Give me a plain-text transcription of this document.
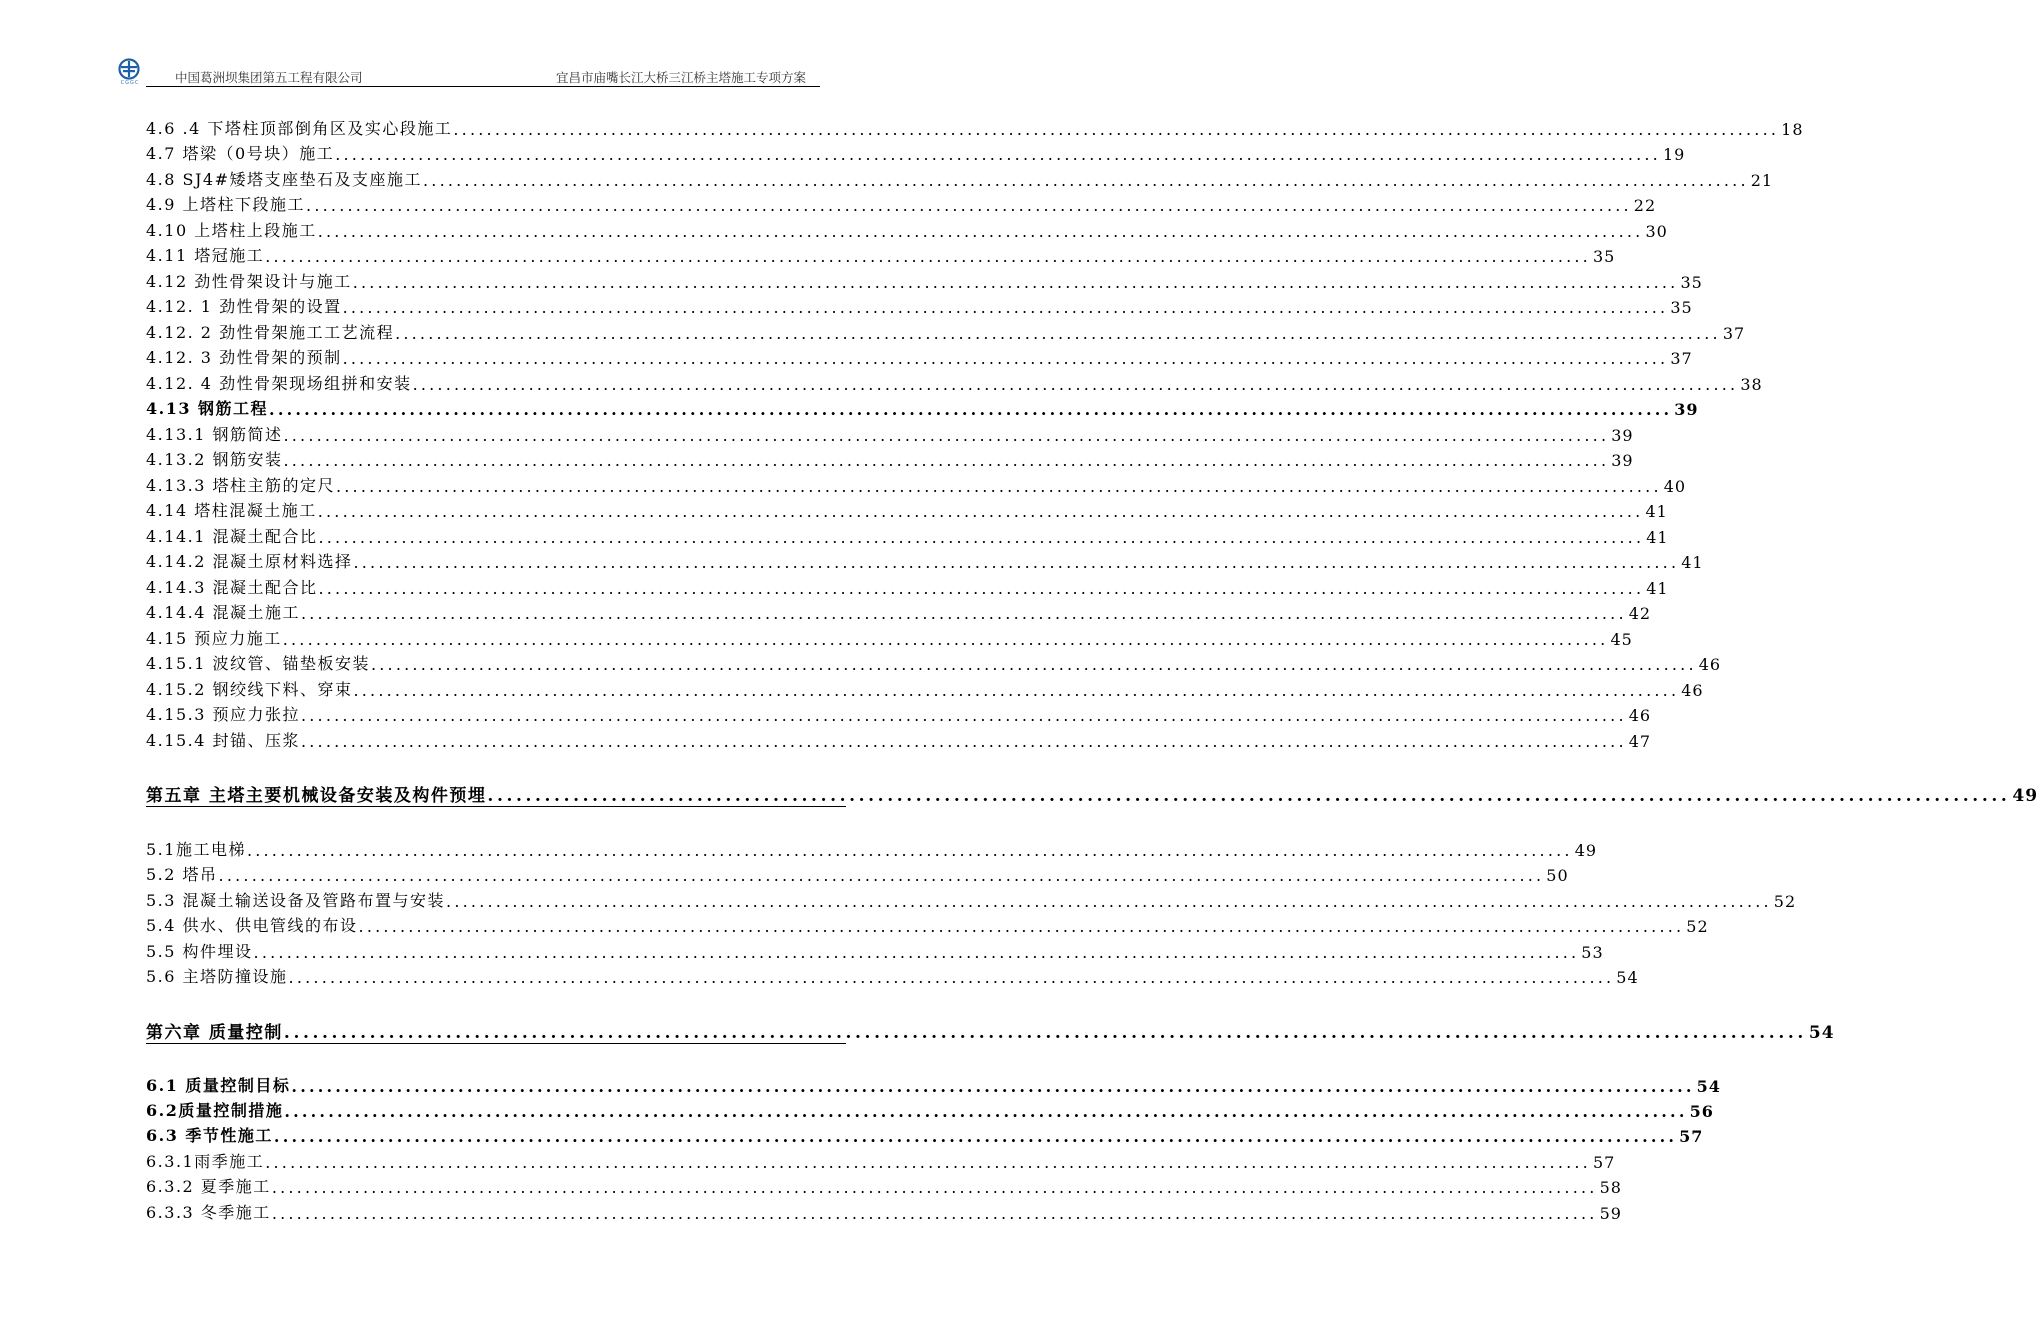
CGGC	中国葛洲坝集团第五工程有限公司	宜昌市庙嘴长江大桥三江桥主塔施工专项方案
4.6 .4 下塔柱顶部倒角区及实心段施工 ................................................................................................................................................................ 18
4.7 塔梁（0号块）施工 ................................................................................................................................................................ 19
4.8 SJ4#矮塔支座垫石及支座施工 ................................................................................................................................................................ 21
4.9 上塔柱下段施工 ................................................................................................................................................................ 22
4.10 上塔柱上段施工 ................................................................................................................................................................ 30
4.11 塔冠施工 ................................................................................................................................................................ 35
4.12 劲性骨架设计与施工 ................................................................................................................................................................ 35
4.12. 1 劲性骨架的设置 ................................................................................................................................................................ 35
4.12. 2 劲性骨架施工工艺流程 ................................................................................................................................................................ 37
4.12. 3 劲性骨架的预制 ................................................................................................................................................................ 37
4.12. 4 劲性骨架现场组拼和安装 ................................................................................................................................................................ 38
4.13 钢筋工程 ................................................................................................................................................................ 39
4.13.1 钢筋简述 ................................................................................................................................................................ 39
4.13.2 钢筋安装 ................................................................................................................................................................ 39
4.13.3 塔柱主筋的定尺 ................................................................................................................................................................ 40
4.14 塔柱混凝土施工 ................................................................................................................................................................ 41
4.14.1 混凝土配合比 ................................................................................................................................................................ 41
4.14.2 混凝土原材料选择 ................................................................................................................................................................ 41
4.14.3 混凝土配合比 ................................................................................................................................................................ 41
4.14.4 混凝土施工 ................................................................................................................................................................ 42
4.15 预应力施工 ................................................................................................................................................................ 45
4.15.1 波纹管、锚垫板安装 ................................................................................................................................................................ 46
4.15.2 钢绞线下料、穿束 ................................................................................................................................................................ 46
4.15.3 预应力张拉 ................................................................................................................................................................ 46
4.15.4 封锚、压浆 ................................................................................................................................................................ 47
第五章 主塔主要机械设备安装及构件预埋 ................................................................................................................................................................ 49
5.1施工电梯 ................................................................................................................................................................ 49
5.2 塔吊 ................................................................................................................................................................ 50
5.3 混凝土输送设备及管路布置与安装 ................................................................................................................................................................ 52
5.4 供水、供电管线的布设 ................................................................................................................................................................ 52
5.5 构件埋设 ................................................................................................................................................................ 53
5.6 主塔防撞设施 ................................................................................................................................................................ 54
第六章 质量控制 ................................................................................................................................................................ 54
6.1 质量控制目标 ................................................................................................................................................................ 54
6.2质量控制措施 ................................................................................................................................................................ 56
6.3 季节性施工 ................................................................................................................................................................ 57
6.3.1雨季施工 ................................................................................................................................................................ 57
6.3.2 夏季施工 ................................................................................................................................................................ 58
6.3.3 冬季施工 ................................................................................................................................................................ 59
